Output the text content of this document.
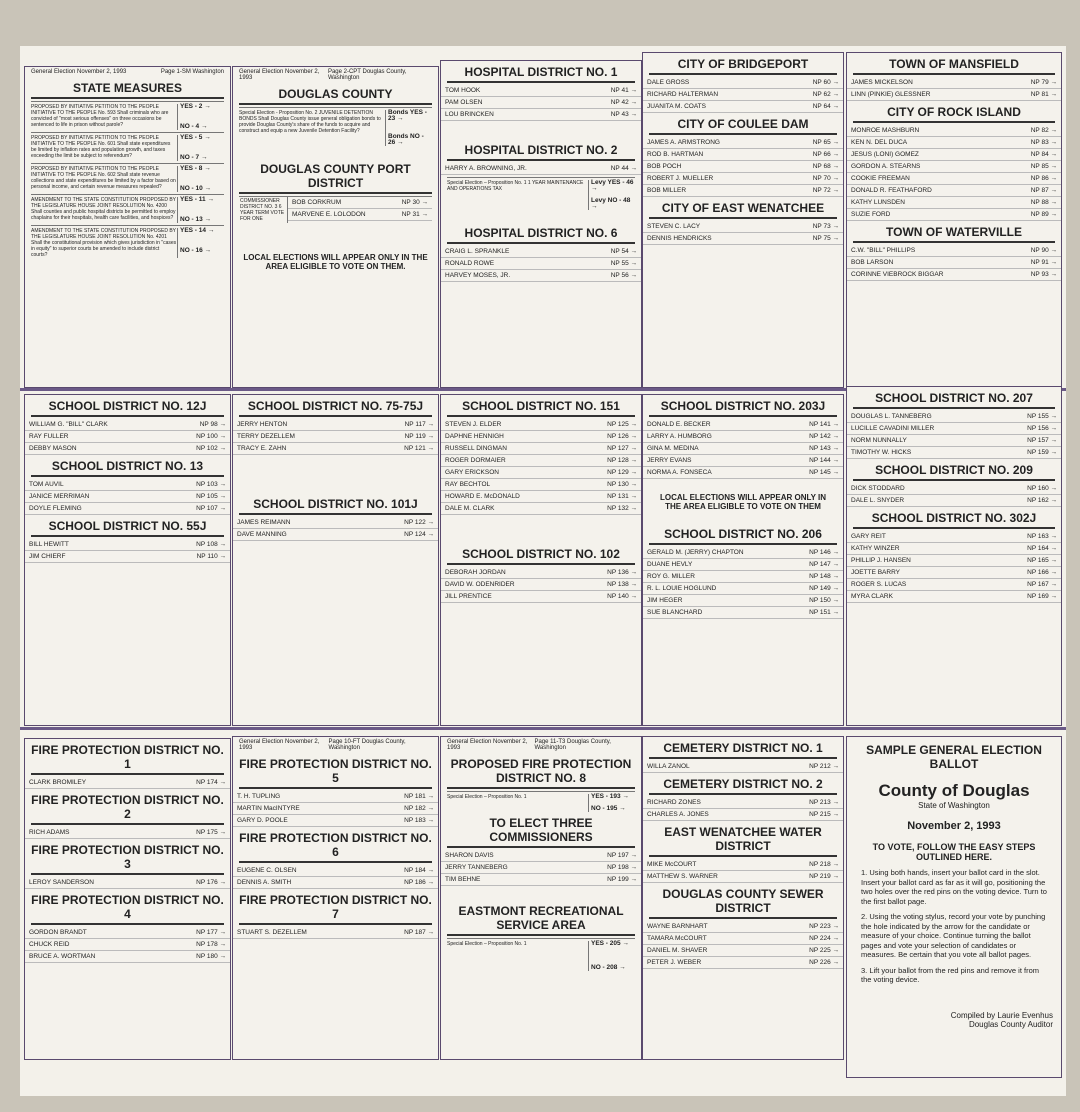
General Election November 2, 1993	Page 1-SM Washington
STATE MEASURES
PROPOSED BY INITIATIVE PETITION TO THE PEOPLE INITIATIVE TO THE PEOPLE No. 593 Shall criminals who are convicted of "most serious offenses" on three occasions be sentenced to life in prison without parole?
YES - 2 →
NO - 4 →
PROPOSED BY INITIATIVE PETITION TO THE PEOPLE INITIATIVE TO THE PEOPLE No. 601 Shall state expenditures be limited by inflation rates and population growth, and taxes exceeding the limit be subject to referendum?
YES - 5 →
NO - 7 →
PROPOSED BY INITIATIVE PETITION TO THE PEOPLE INITIATIVE TO THE PEOPLE No. 602 Shall state revenue collections and state expenditures be limited by a factor based on personal income, and certain revenue measures repealed?
YES - 8 →
NO - 10 →
AMENDMENT TO THE STATE CONSTITUTION PROPOSED BY THE LEGISLATURE HOUSE JOINT RESOLUTION No. 4200 Shall counties and public hospital districts be permitted to employ chaplains for their hospitals, health care facilities, and hospices?
YES - 11 →
NO - 13 →
AMENDMENT TO THE STATE CONSTITUTION PROPOSED BY THE LEGISLATURE HOUSE JOINT RESOLUTION No. 4201 Shall the constitutional provision which gives jurisdiction in "cases in equity" to superior courts be amended to include district courts?
YES - 14 →
NO - 16 →
General Election November 2, 1993
Page 2-CPT Douglas County, Washington
DOUGLAS COUNTY
Special Election - Proposition No. 2 JUVENILE DETENTION BONDS Shall Douglas County issue general obligation bonds to provide Douglas County's share of the funds to acquire and construct and equip a new Juvenile Detention Facility?
Bonds YES - 23 →

Bonds NO - 26 →
DOUGLAS COUNTY PORT DISTRICT
COMMISSIONER DISTRICT NO. 3 6 YEAR TERM VOTE FOR ONE
BOB CORKRUM	NP 30 →
MARVENE E. LOLODON	NP 31 →
LOCAL ELECTIONS WILL APPEAR ONLY IN THE AREA ELIGIBLE TO VOTE ON THEM.
HOSPITAL DISTRICT NO. 1
TOM HOOK	NP 41 →
PAM OLSEN	NP 42 →
LOU BRINCKEN	NP 43 →
HOSPITAL DISTRICT NO. 2
HARRY A. BROWNING, JR.	NP 44 →
Special Election – Proposition No. 1 1 YEAR MAINTENANCE AND OPERATIONS TAX
Levy YES - 46 →

Levy NO - 48 →
HOSPITAL DISTRICT NO. 6
CRAIG L. SPRANKLE	NP 54 →
RONALD ROWE	NP 55 →
HARVEY MOSES, JR.	NP 56 →
CITY OF BRIDGEPORT
DALE GROSS	NP 60 →
RICHARD HALTERMAN	NP 62 →
JUANITA M. COATS	NP 64 →
CITY OF COULEE DAM
JAMES A. ARMSTRONG	NP 65 →
ROD B. HARTMAN	NP 66 →
BOB POCH	NP 68 →
ROBERT J. MUELLER	NP 70 →
BOB MILLER	NP 72 →
CITY OF EAST WENATCHEE
STEVEN C. LACY	NP 73 →
DENNIS HENDRICKS	NP 75 →
TOWN OF MANSFIELD
JAMES MICKELSON	NP 79 →
LINN (PINKIE) GLESSNER	NP 81 →
CITY OF ROCK ISLAND
MONROE MASHBURN	NP 82 →
KEN N. DEL DUCA	NP 83 →
JESUS (LONI) GOMEZ	NP 84 →
GORDON A. STEARNS	NP 85 →
COOKIE FREEMAN	NP 86 →
DONALD R. FEATHAFORD	NP 87 →
KATHY LUNSDEN	NP 88 →
SUZIE FORD	NP 89 →
TOWN OF WATERVILLE
C.W. "BILL" PHILLIPS	NP 90 →
BOB LARSON	NP 91 →
CORINNE VIEBROCK BIGGAR	NP 93 →
SCHOOL DISTRICT NO. 12J
WILLIAM G. "BILL" CLARK	NP 98 →
RAY FULLER	NP 100 →
DEBBY MASON	NP 102 →
SCHOOL DISTRICT NO. 13
TOM AUVIL	NP 103 →
JANICE MERRIMAN	NP 105 →
DOYLE FLEMING	NP 107 →
SCHOOL DISTRICT NO. 55J
BILL HEWITT	NP 108 →
JIM CHIERF	NP 110 →
SCHOOL DISTRICT NO. 75-75J
JERRY HENTON	NP 117 →
TERRY DEZELLEM	NP 119 →
TRACY E. ZAHN	NP 121 →
SCHOOL DISTRICT NO. 101J
JAMES REIMANN	NP 122 →
DAVE MANNING	NP 124 →
SCHOOL DISTRICT NO. 151
STEVEN J. ELDER	NP 125 →
DAPHNE HENNIGH	NP 126 →
RUSSELL DINGMAN	NP 127 →
ROGER DORMAIER	NP 128 →
GARY ERICKSON	NP 129 →
RAY BECHTOL	NP 130 →
HOWARD E. McDONALD	NP 131 →
DALE M. CLARK	NP 132 →
SCHOOL DISTRICT NO. 102
DEBORAH JORDAN	NP 136 →
DAVID W. ODENRIDER	NP 138 →
JILL PRENTICE	NP 140 →
SCHOOL DISTRICT NO. 203J
DONALD E. BECKER	NP 141 →
LARRY A. HUMBORG	NP 142 →
GINA M. MEDINA	NP 143 →
JERRY EVANS	NP 144 →
NORMA A. FONSECA	NP 145 →
LOCAL ELECTIONS WILL APPEAR ONLY IN THE AREA ELIGIBLE TO VOTE ON THEM
SCHOOL DISTRICT NO. 206
GERALD M. (JERRY) CHAPTON	NP 146 →
DUANE HEVLY	NP 147 →
ROY G. MILLER	NP 148 →
R. L. LOUIE HOGLUND	NP 149 →
JIM HEGER	NP 150 →
SUE BLANCHARD	NP 151 →
SCHOOL DISTRICT NO. 207
DOUGLAS L. TANNEBERG	NP 155 →
LUCILLE CAVADINI MILLER	NP 156 →
NORM NUNNALLY	NP 157 →
TIMOTHY W. HICKS	NP 159 →
SCHOOL DISTRICT NO. 209
DICK STODDARD	NP 160 →
DALE L. SNYDER	NP 162 →
SCHOOL DISTRICT NO. 302J
GARY REIT	NP 163 →
KATHY WINZER	NP 164 →
PHILLIP J. HANSEN	NP 165 →
JOETTE BARRY	NP 166 →
ROGER S. LUCAS	NP 167 →
MYRA CLARK	NP 169 →
FIRE PROTECTION DISTRICT NO. 1
CLARK BROMILEY	NP 174 →
FIRE PROTECTION DISTRICT NO. 2
RICH ADAMS	NP 175 →
FIRE PROTECTION DISTRICT NO. 3
LEROY SANDERSON	NP 176 →
FIRE PROTECTION DISTRICT NO. 4
GORDON BRANDT	NP 177 →
CHUCK REID	NP 178 →
BRUCE A. WORTMAN	NP 180 →
General Election November 2, 1993
Page 10-FT Douglas County, Washington
FIRE PROTECTION DISTRICT NO. 5
T. H. TUPLING	NP 181 →
MARTIN MacINTYRE	NP 182 →
GARY D. POOLE	NP 183 →
FIRE PROTECTION DISTRICT NO. 6
EUGENE C. OLSEN	NP 184 →
DENNIS A. SMITH	NP 186 →
FIRE PROTECTION DISTRICT NO. 7
STUART S. DEZELLEM	NP 187 →
General Election November 2, 1993
Page 11-T3 Douglas County, Washington
PROPOSED FIRE PROTECTION DISTRICT NO. 8
Special Election – Proposition No. 1	YES - 193 →

NO - 195 →
TO ELECT THREE COMMISSIONERS
SHARON DAVIS	NP 197 →
JERRY TANNEBERG	NP 198 →
TIM BEHNE	NP 199 →
EASTMONT RECREATIONAL SERVICE AREA
Special Election – Proposition No. 1	YES - 205 →

NO - 208 →
CEMETERY DISTRICT NO. 1
WILLA ZANOL	NP 212 →
CEMETERY DISTRICT NO. 2
RICHARD ZONES	NP 213 →
CHARLES A. JONES	NP 215 →
EAST WENATCHEE WATER DISTRICT
MIKE McCOURT	NP 218 →
MATTHEW S. WARNER	NP 219 →
DOUGLAS COUNTY SEWER DISTRICT
WAYNE BARNHART	NP 223 →
TAMARA McCOURT	NP 224 →
DANIEL M. SHAVER	NP 225 →
PETER J. WEBER	NP 226 →
SAMPLE GENERAL ELECTION BALLOT
County of Douglas
State of Washington
November 2, 1993
TO VOTE, FOLLOW THE EASY STEPS OUTLINED HERE.
1. Using both hands, insert your ballot card in the slot. Insert your ballot card as far as it will go, positioning the two holes over the red pins on the voting device. Turn to the first ballot page.
2. Using the voting stylus, record your vote by punching the hole indicated by the arrow for the candidate or measure of your choice. Continue turning the ballot pages and vote your selection of candidates or measures. Be certain that you vote all ballot pages.
3. Lift your ballot from the red pins and remove it from the voting device.
Compiled by Laurie Evenhus
Douglas County Auditor
